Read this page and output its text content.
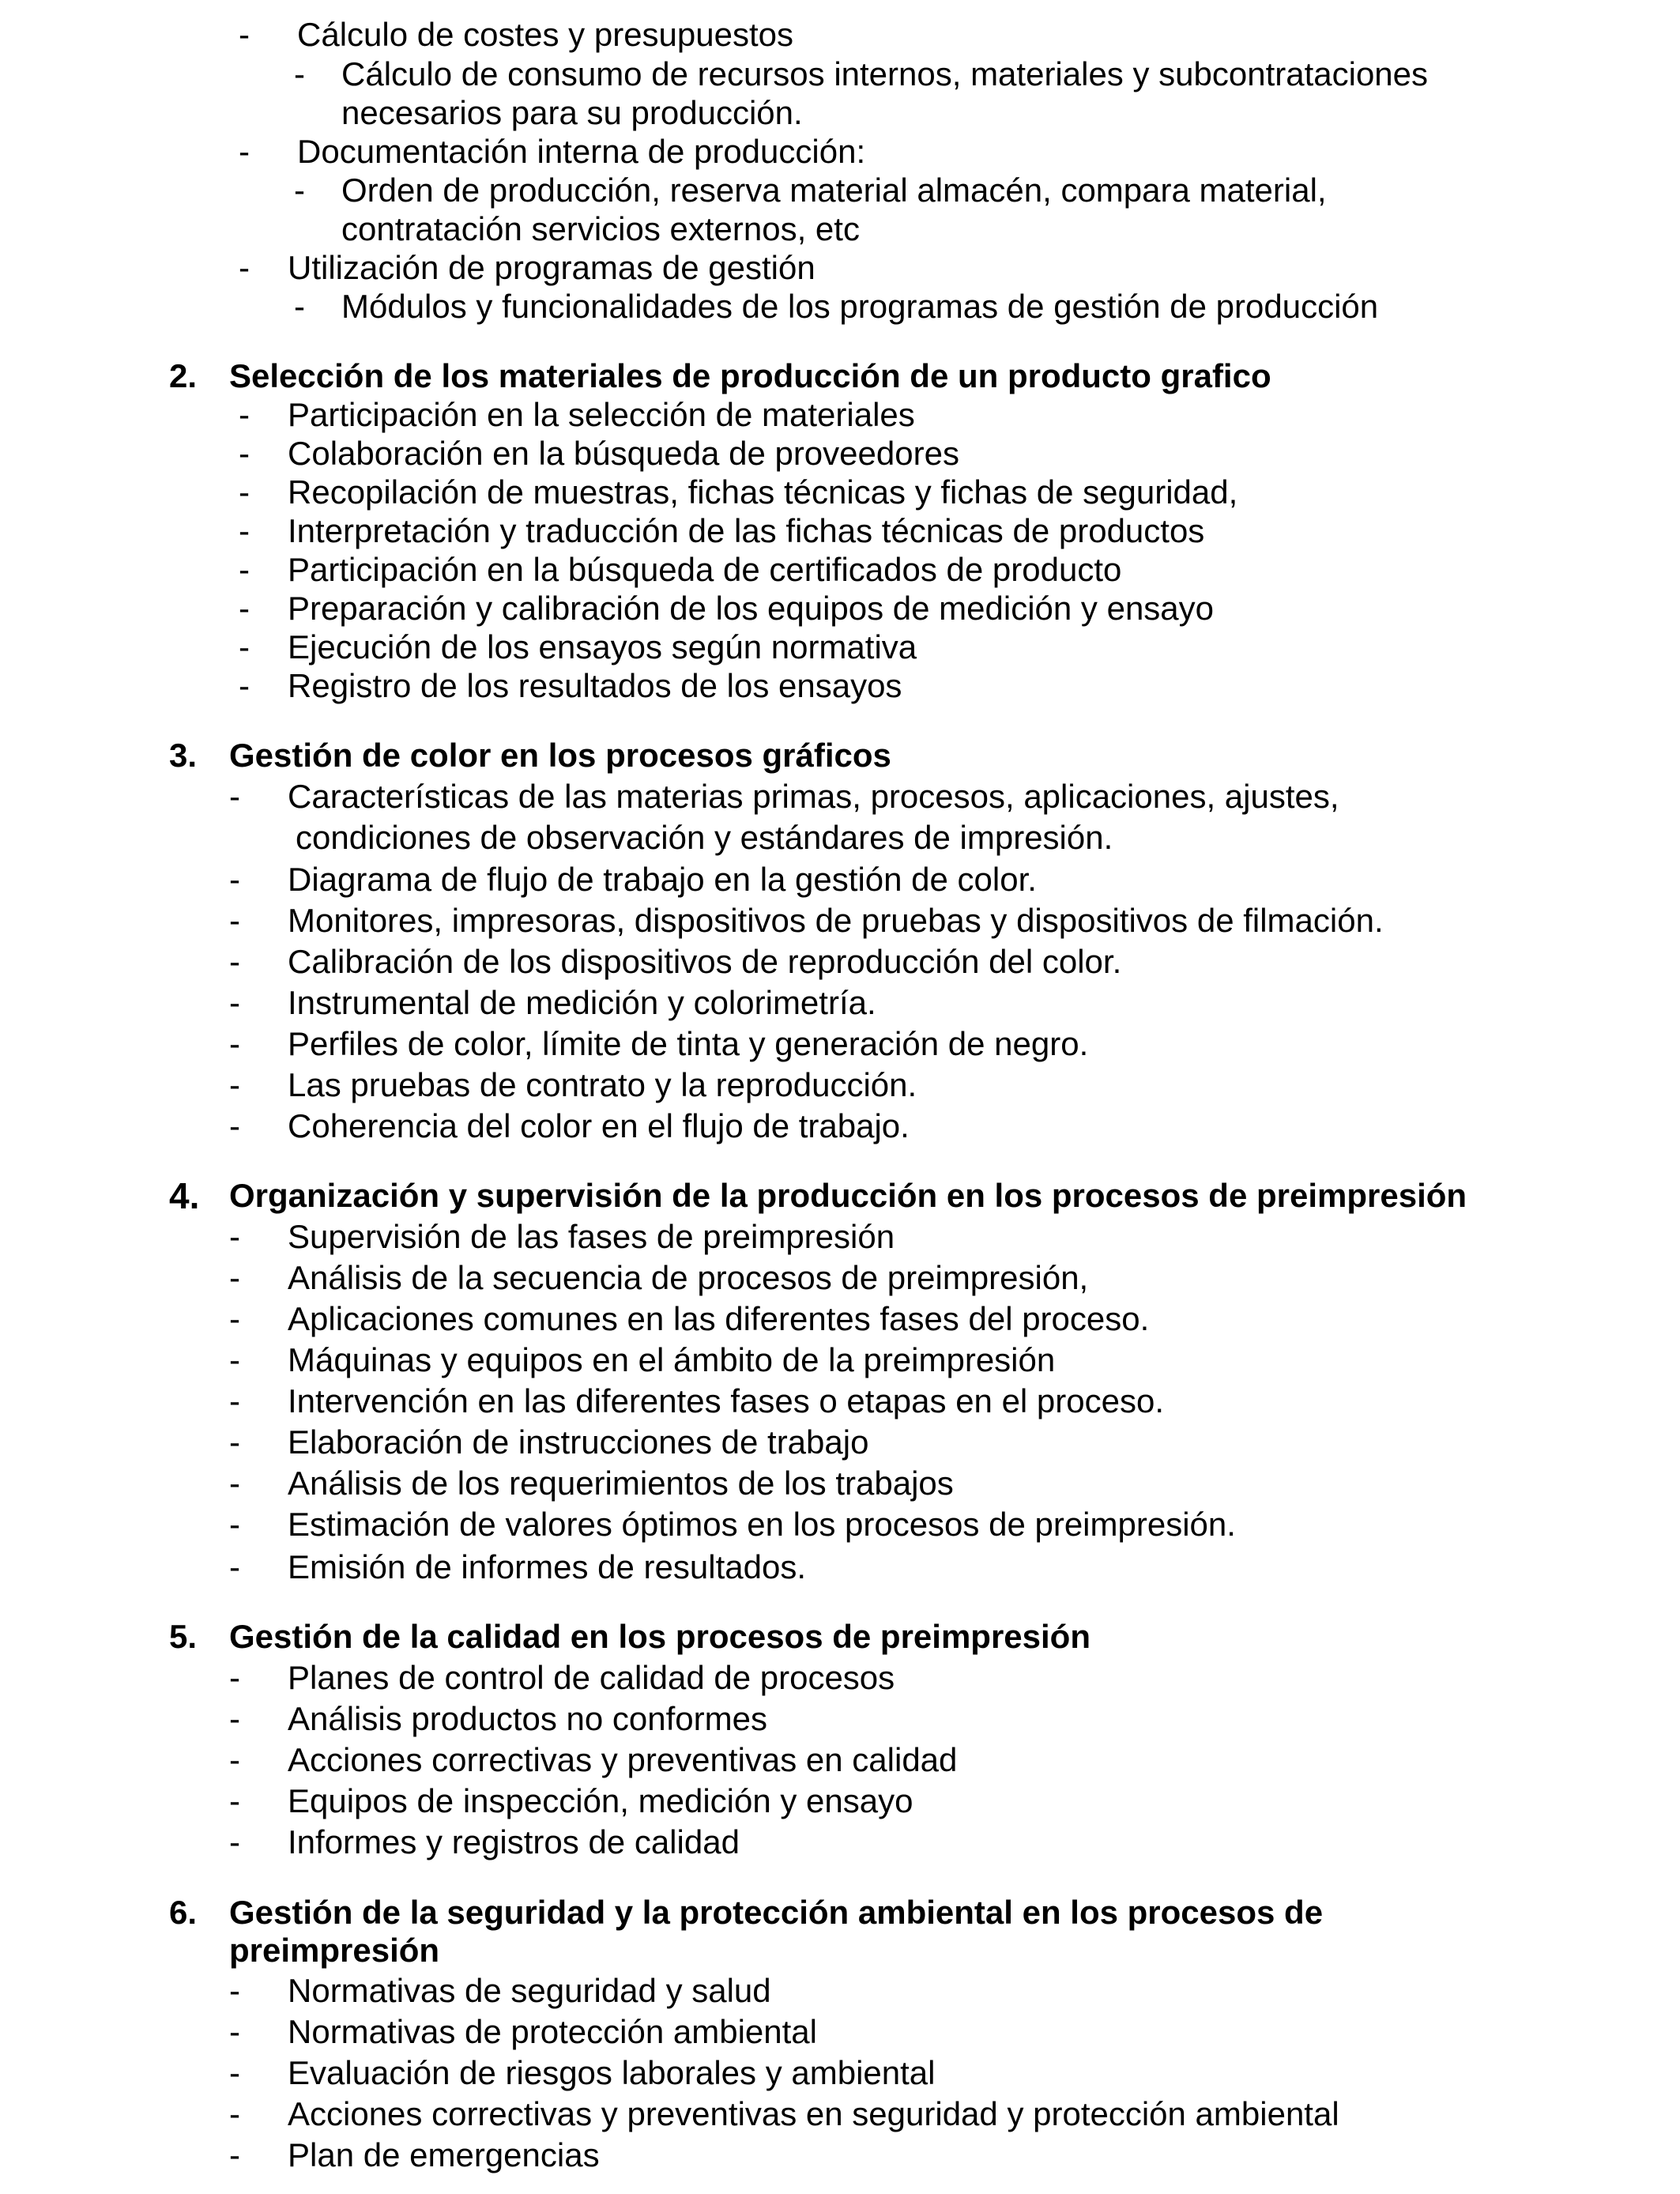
- Cálculo de costes y presupuestos
- Cálculo de consumo de recursos internos, materiales y subcontrataciones
necesarios para su producción.
- Documentación interna de producción:
- Orden de producción, reserva material almacén, compara material,
contratación servicios externos, etc
- Utilización de programas de gestión
- Módulos y funcionalidades de los programas de gestión de producción
2. Selección de los materiales de producción de un producto grafico
- Participación en la selección de materiales
- Colaboración en la búsqueda de proveedores
- Recopilación de muestras, fichas técnicas y fichas de seguridad,
- Interpretación y traducción de las fichas técnicas de productos
- Participación en la búsqueda de certificados de producto
- Preparación y calibración de los equipos de medición y ensayo
- Ejecución de los ensayos según normativa
- Registro de los resultados de los ensayos
3. Gestión de color en los procesos gráficos
- Características de las materias primas, procesos, aplicaciones, ajustes,
condiciones de observación y estándares de impresión.
- Diagrama de flujo de trabajo en la gestión de color.
- Monitores, impresoras, dispositivos de pruebas y dispositivos de filmación.
- Calibración de los dispositivos de reproducción del color.
- Instrumental de medición y colorimetría.
- Perfiles de color, límite de tinta y generación de negro.
- Las pruebas de contrato y la reproducción.
- Coherencia del color en el flujo de trabajo.
4. Organización y supervisión de la producción en los procesos de preimpresión
- Supervisión de las fases de preimpresión
- Análisis de la secuencia de procesos de preimpresión,
- Aplicaciones comunes en las diferentes fases del proceso.
- Máquinas y equipos en el ámbito de la preimpresión
- Intervención en las diferentes fases o etapas en el proceso.
- Elaboración de instrucciones de trabajo
- Análisis de los requerimientos de los trabajos
- Estimación de valores óptimos en los procesos de preimpresión.
- Emisión de informes de resultados.
5. Gestión de la calidad en los procesos de preimpresión
- Planes de control de calidad de procesos
- Análisis productos no conformes
- Acciones correctivas y preventivas en calidad
- Equipos de inspección, medición y ensayo
- Informes y registros de calidad
6. Gestión de la seguridad y la protección ambiental en los procesos de
preimpresión
- Normativas de seguridad y salud
- Normativas de protección ambiental
- Evaluación de riesgos laborales y ambiental
- Acciones correctivas y preventivas en seguridad y protección ambiental
- Plan de emergencias
